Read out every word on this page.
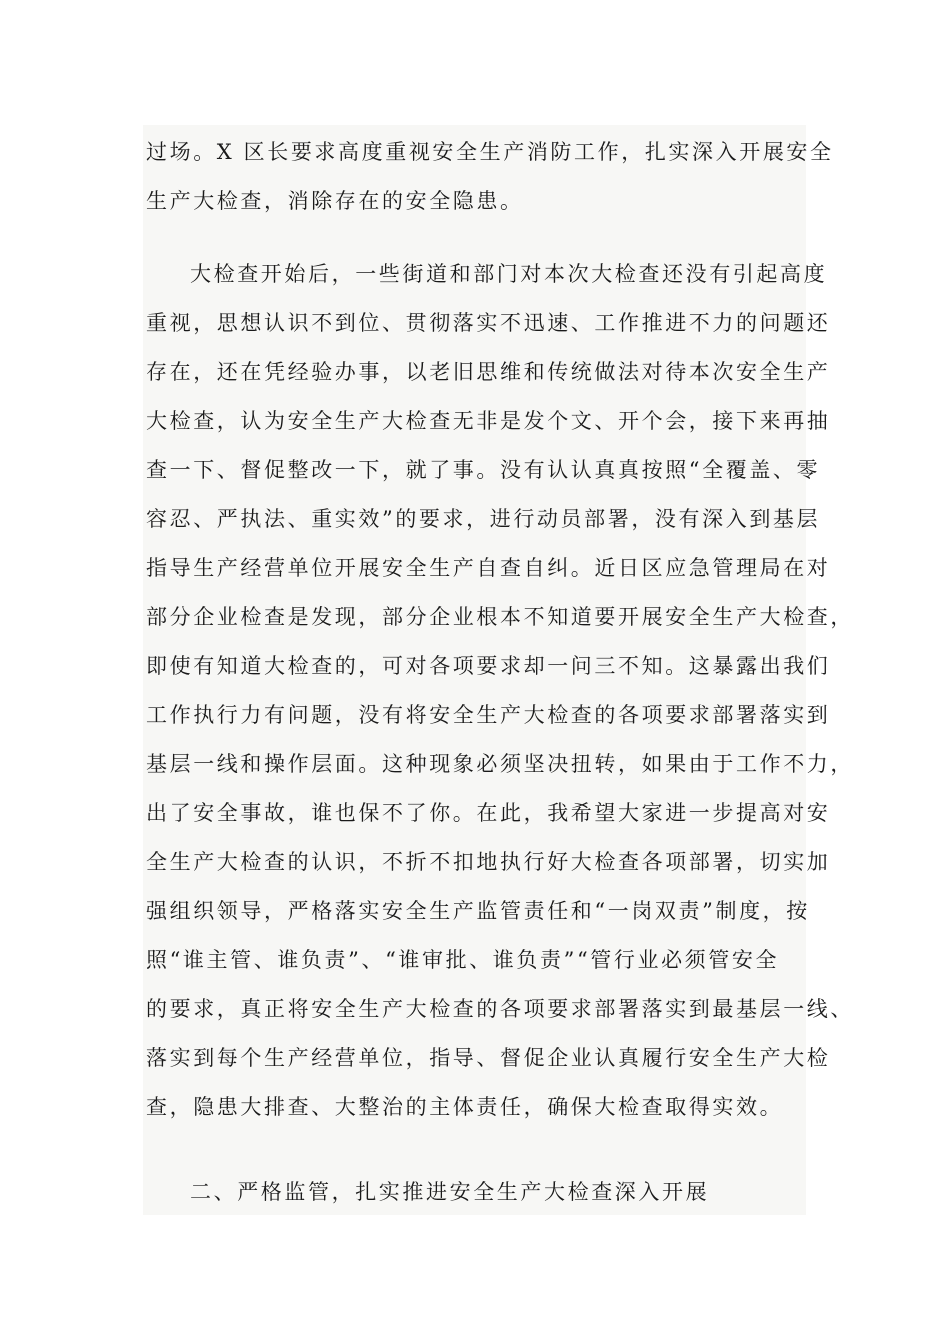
过场。X 区长要求高度重视安全生产消防工作，扎实深入开展安全
生产大检查，消除存在的安全隐患。
大检查开始后，一些街道和部门对本次大检查还没有引起高度
重视，思想认识不到位、贯彻落实不迅速、工作推进不力的问题还
存在，还在凭经验办事，以老旧思维和传统做法对待本次安全生产
大检查，认为安全生产大检查无非是发个文、开个会，接下来再抽
查一下、督促整改一下，就了事。没有认认真真按照“全覆盖、零
容忍、严执法、重实效”的要求，进行动员部署，没有深入到基层
指导生产经营单位开展安全生产自查自纠。近日区应急管理局在对
部分企业检查是发现，部分企业根本不知道要开展安全生产大检查，
即使有知道大检查的，可对各项要求却一问三不知。这暴露出我们
工作执行力有问题，没有将安全生产大检查的各项要求部署落实到
基层一线和操作层面。这种现象必须坚决扭转，如果由于工作不力，
出了安全事故，谁也保不了你。在此，我希望大家进一步提高对安
全生产大检查的认识，不折不扣地执行好大检查各项部署，切实加
强组织领导，严格落实安全生产监管责任和“一岗双责”制度，按
照“谁主管、谁负责”、“谁审批、谁负责”“管行业必须管安全
的要求，真正将安全生产大检查的各项要求部署落实到最基层一线、
落实到每个生产经营单位，指导、督促企业认真履行安全生产大检
查，隐患大排查、大整治的主体责任，确保大检查取得实效。
二、严格监管，扎实推进安全生产大检查深入开展
